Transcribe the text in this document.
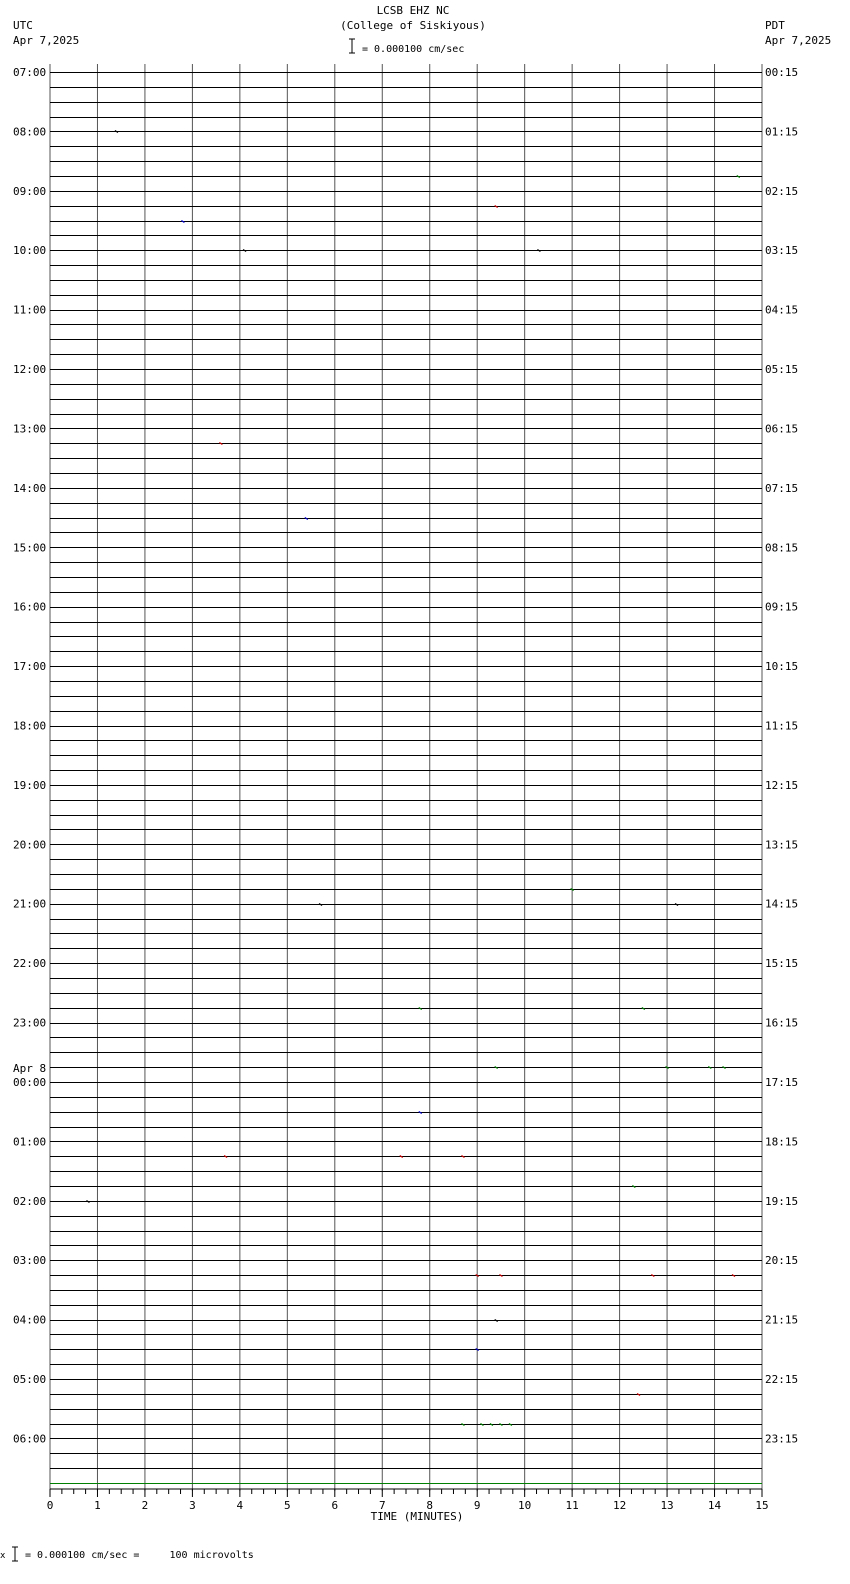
07:00
08:00
09:00
10:00
11:00
12:00
13:00
14:00
15:00
16:00
17:00
18:00
19:00
20:00
21:00
22:00
23:00
00:00
01:00
02:00
03:00
04:00
05:00
06:00
00:15
01:15
02:15
03:15
04:15
05:15
06:15
07:15
08:15
09:15
10:15
11:15
12:15
13:15
14:15
15:15
16:15
17:15
18:15
19:15
20:15
21:15
22:15
23:15
Apr 8
0	1	2	3	4	5	6	7	8	9	10	11	12	13	14	15
TIME (MINUTES)
LCSB EHZ NC
(College of Siskiyous)
= 0.000100 cm/sec
UTC
Apr 7,2025
PDT
Apr 7,2025
x = 0.000100 cm/sec =     100 microvolts
